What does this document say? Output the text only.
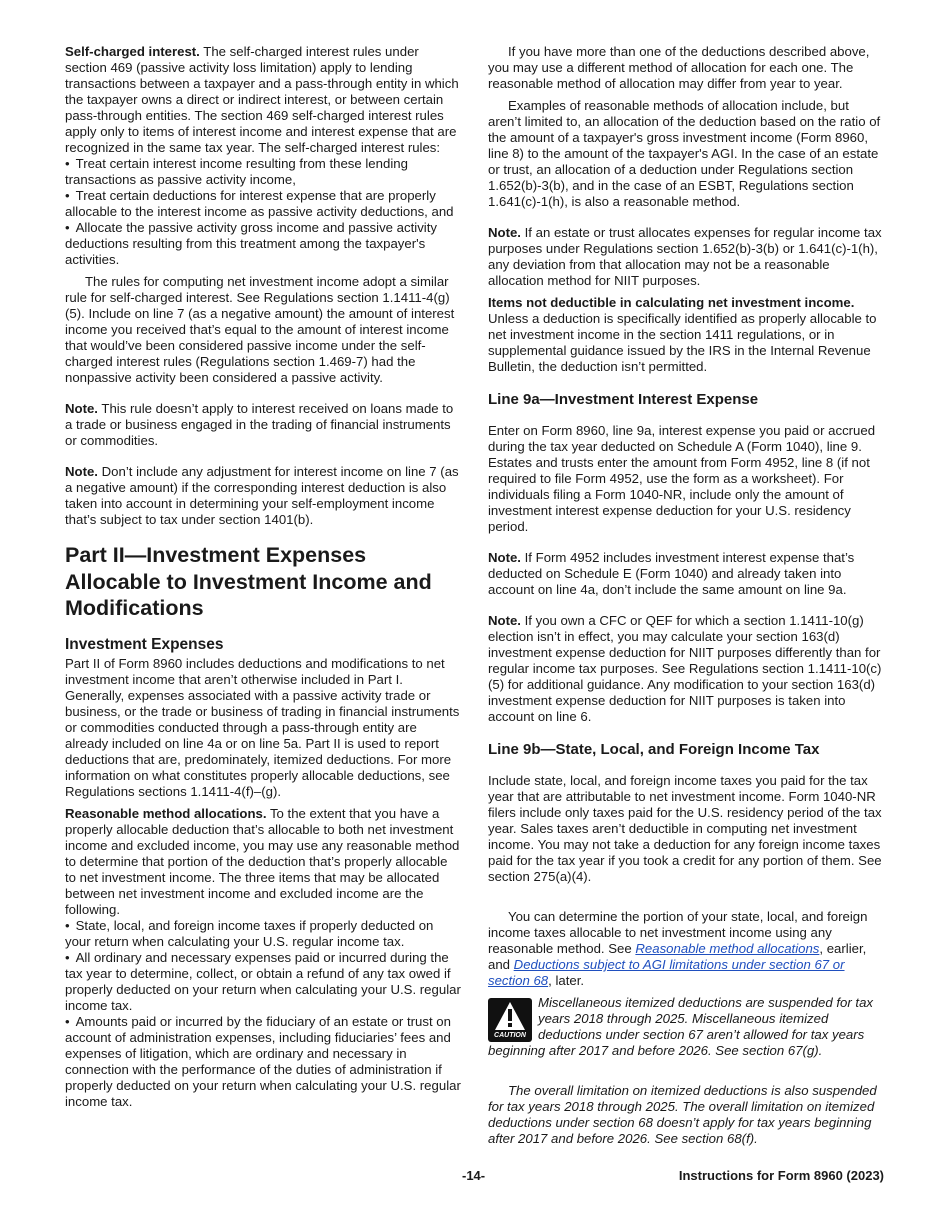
Self-charged interest. The self-charged interest rules under section 469 (passive activity loss limitation) apply to lending transactions between a taxpayer and a pass-through entity in which the taxpayer owns a direct or indirect interest, or between certain pass-through entities. The section 469 self-charged interest rules apply only to items of interest income and interest expense that are recognized in the same tax year. The self-charged interest rules:

• Treat certain interest income resulting from these lending transactions as passive activity income,

• Treat certain deductions for interest expense that are properly allocable to the interest income as passive activity deductions, and

• Allocate the passive activity gross income and passive activity deductions resulting from this treatment among the taxpayer's activities.

The rules for computing net investment income adopt a similar rule for self-charged interest. See Regulations section 1.1411-4(g)(5). Include on line 7 (as a negative amount) the amount of interest income you received that’s equal to the amount of interest income that would’ve been considered passive income under the self-charged interest rules (Regulations section 1.469-7) had the nonpassive activity been considered a passive activity.

Note. This rule doesn’t apply to interest received on loans made to a trade or business engaged in the trading of financial instruments or commodities.

Note. Don’t include any adjustment for interest income on line 7 (as a negative amount) if the corresponding interest deduction is also taken into account in determining your self-employment income that’s subject to tax under section 1401(b).

Part II—Investment Expenses Allocable to Investment Income and Modifications
Investment Expenses

Part II of Form 8960 includes deductions and modifications to net investment income that aren’t otherwise included in Part I. Generally, expenses associated with a passive activity trade or business, or the trade or business of trading in financial instruments or commodities conducted through a pass-through entity are already included on line 4a or on line 5a. Part II is used to report deductions that are, predominately, itemized deductions. For more information on what constitutes properly allocable deductions, see Regulations sections 1.1411-4(f)–(g).

Reasonable method allocations. To the extent that you have a properly allocable deduction that’s allocable to both net investment income and excluded income, you may use any reasonable method to determine that portion of the deduction that’s properly allocable to net investment income. The three items that may be allocated between net investment income and excluded income are the following.

• State, local, and foreign income taxes if properly deducted on your return when calculating your U.S. regular income tax.

• All ordinary and necessary expenses paid or incurred during the tax year to determine, collect, or obtain a refund of any tax owed if properly deducted on your return when calculating your U.S. regular income tax.

• Amounts paid or incurred by the fiduciary of an estate or trust on account of administration expenses, including fiduciaries’ fees and expenses of litigation, which are ordinary and necessary in connection with the performance of the duties of administration if properly deducted on your return when calculating your U.S. regular income tax.

If you have more than one of the deductions described above, you may use a different method of allocation for each one. The reasonable method of allocation may differ from year to year.

Examples of reasonable methods of allocation include, but aren’t limited to, an allocation of the deduction based on the ratio of the amount of a taxpayer's gross investment income (Form 8960, line 8) to the amount of the taxpayer's AGI. In the case of an estate or trust, an allocation of a deduction under Regulations section 1.652(b)-3(b), and in the case of an ESBT, Regulations section 1.641(c)-1(h), is also a reasonable method.

Note. If an estate or trust allocates expenses for regular income tax purposes under Regulations section 1.652(b)-3(b) or 1.641(c)-1(h), any deviation from that allocation may not be a reasonable allocation method for NIIT purposes.

Items not deductible in calculating net investment income. Unless a deduction is specifically identified as properly allocable to net investment income in the section 1411 regulations, or in supplemental guidance issued by the IRS in the Internal Revenue Bulletin, the deduction isn’t permitted.

Line 9a—Investment Interest Expense

Enter on Form 8960, line 9a, interest expense you paid or accrued during the tax year deducted on Schedule A (Form 1040), line 9. Estates and trusts enter the amount from Form 4952, line 8 (if not required to file Form 4952, use the form as a worksheet). For individuals filing a Form 1040-NR, include only the amount of investment interest expense deduction for your U.S. residency period.

Note. If Form 4952 includes investment interest expense that’s deducted on Schedule E (Form 1040) and already taken into account on line 4a, don’t include the same amount on line 9a.

Note. If you own a CFC or QEF for which a section 1.1411-10(g) election isn’t in effect, you may calculate your section 163(d) investment expense deduction for NIIT purposes differently than for regular income tax purposes. See Regulations section 1.1411-10(c)(5) for additional guidance. Any modification to your section 163(d) investment expense deduction for NIIT purposes is taken into account on line 6.

Line 9b—State, Local, and Foreign Income Tax

Include state, local, and foreign income taxes you paid for the tax year that are attributable to net investment income. Form 1040-NR filers include only taxes paid for the U.S. residency period of the tax year. Sales taxes aren’t deductible in computing net investment income. You may not take a deduction for any foreign income taxes paid for the tax year if you took a credit for any portion of them. See section 275(a)(4).

You can determine the portion of your state, local, and foreign income taxes allocable to net investment income using any reasonable method. See Reasonable method allocations, earlier, and Deductions subject to AGI limitations under section 67 or section 68, later.

CAUTION
Miscellaneous itemized deductions are suspended for tax years 2018 through 2025. Miscellaneous itemized deductions under section 67 aren’t allowed for tax years beginning after 2017 and before 2026. See section 67(g).

The overall limitation on itemized deductions is also suspended for tax years 2018 through 2025. The overall limitation on itemized deductions under section 68 doesn’t apply for tax years beginning after 2017 and before 2026. See section 68(f).

-14-	Instructions for Form 8960 (2023)
